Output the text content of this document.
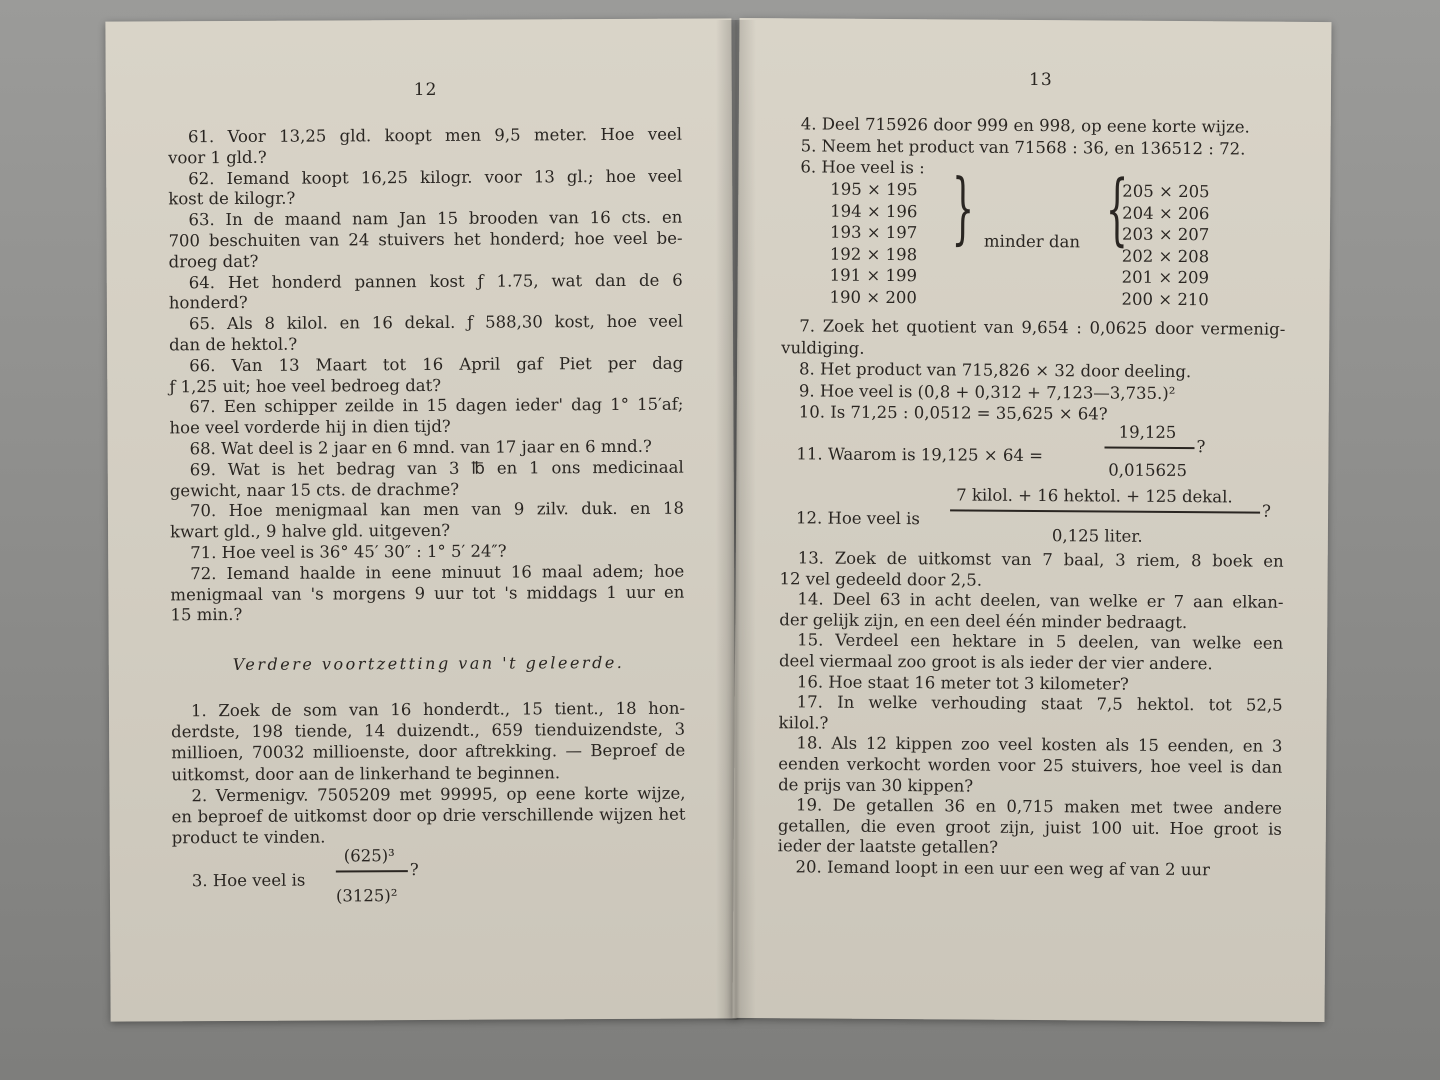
12
61. Voor 13,25 gld. koopt men 9,5 meter. Hoe veel
voor 1 gld.?
62. Iemand koopt 16,25 kilogr. voor 13 gl.; hoe veel
kost de kilogr.?
63. In de maand nam Jan 15 brooden van 16 cts. en
700 beschuiten van 24 stuivers het honderd; hoe veel be-
droeg dat?
64. Het honderd pannen kost ƒ 1.75, wat dan de 6
honderd?
65. Als 8 kilol. en 16 dekal. ƒ 588,30 kost, hoe veel
dan de hektol.?
66. Van 13 Maart tot 16 April gaf Piet per dag
ƒ 1,25 uit; hoe veel bedroeg dat?
67. Een schipper zeilde in 15 dagen ieder' dag 1° 15′af;
hoe veel vorderde hij in dien tijd?
68. Wat deel is 2 jaar en 6 mnd. van 17 jaar en 6 mnd.?
69. Wat is het bedrag van 3 ℔ en 1 ons medicinaal
gewicht, naar 15 cts. de drachme?
70. Hoe menigmaal kan men van 9 zilv. duk. en 18
kwart gld., 9 halve gld. uitgeven?
71. Hoe veel is 36° 45′ 30″ : 1° 5′ 24″?
72. Iemand haalde in eene minuut 16 maal adem; hoe
menigmaal van 's morgens 9 uur tot 's middags 1 uur en
15 min.?
Verdere voortzetting van 't geleerde.
1. Zoek de som van 16 honderdt., 15 tient., 18 hon-
derdste, 198 tiende, 14 duizendt., 659 tienduizendste, 3
millioen, 70032 millioenste, door aftrekking. — Beproef de
uitkomst, door aan de linkerhand te beginnen.
2. Vermenigv. 7505209 met 99995, op eene korte wijze,
en beproef de uitkomst door op drie verschillende wijzen het
product te vinden.
3. Hoe veel is
(625)³
?
(3125)²
13
4. Deel 715926 door 999 en 998, op eene korte wijze.
5. Neem het product van 71568 : 36, en 136512 : 72.
6. Hoe veel is :
195 × 195
194 × 196
193 × 197
192 × 198
191 × 199
190 × 200
} minder dan {
205 × 205
204 × 206
203 × 207
202 × 208
201 × 209
200 × 210
7. Zoek het quotient van 9,654 : 0,0625 door vermenig-
vuldiging.
8. Het product van 715,826 × 32 door deeling.
9. Hoe veel is (0,8 + 0,312 + 7,123—3,735.)²
10. Is 71,25 : 0,0512 = 35,625 × 64?
11. Waarom is 19,125 × 64 =
19,125
?
0,015625
12. Hoe veel is
7 kilol. + 16 hektol. + 125 dekal.
?
0,125 liter.
13. Zoek de uitkomst van 7 baal, 3 riem, 8 boek en
12 vel gedeeld door 2,5.
14. Deel 63 in acht deelen, van welke er 7 aan elkan-
der gelijk zijn, en een deel één minder bedraagt.
15. Verdeel een hektare in 5 deelen, van welke een
deel viermaal zoo groot is als ieder der vier andere.
16. Hoe staat 16 meter tot 3 kilometer?
17. In welke verhouding staat 7,5 hektol. tot 52,5
kilol.?
18. Als 12 kippen zoo veel kosten als 15 eenden, en 3
eenden verkocht worden voor 25 stuivers, hoe veel is dan
de prijs van 30 kippen?
19. De getallen 36 en 0,715 maken met twee andere
getallen, die even groot zijn, juist 100 uit. Hoe groot is
ieder der laatste getallen?
20. Iemand loopt in een uur een weg af van 2 uur
